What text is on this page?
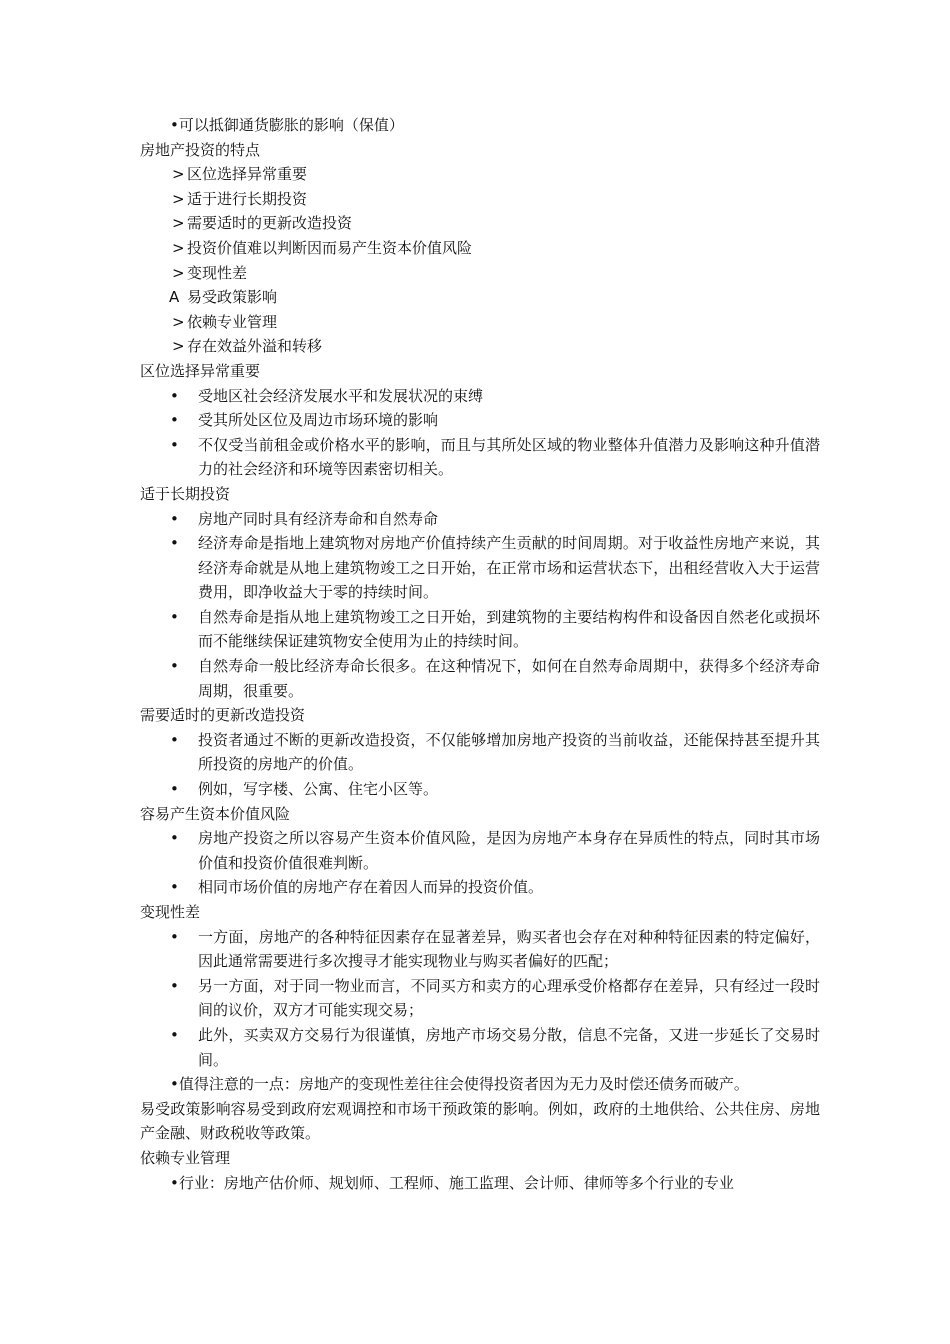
•可以抵御通货膨胀的影响（保值）
房地产投资的特点
> 区位选择异常重要
> 适于进行长期投资
> 需要适时的更新改造投资
> 投资价值难以判断因而易产生资本价值风险
> 变现性差
A 易受政策影响
> 依赖专业管理
> 存在效益外溢和转移
区位选择异常重要
•	受地区社会经济发展水平和发展状况的束缚
•	受其所处区位及周边市场环境的影响
•	不仅受当前租金或价格水平的影响，而且与其所处区域的物业整体升值潜力及影响这种升值潜力的社会经济和环境等因素密切相关。
适于长期投资
•	房地产同时具有经济寿命和自然寿命
•	经济寿命是指地上建筑物对房地产价值持续产生贡献的时间周期。对于收益性房地产来说，其经济寿命就是从地上建筑物竣工之日开始，在正常市场和运营状态下，出租经营收入大于运营费用，即净收益大于零的持续时间。
•	自然寿命是指从地上建筑物竣工之日开始，到建筑物的主要结构构件和设备因自然老化或损坏而不能继续保证建筑物安全使用为止的持续时间。
•	自然寿命一般比经济寿命长很多。在这种情况下，如何在自然寿命周期中，获得多个经济寿命周期，很重要。
需要适时的更新改造投资
•	投资者通过不断的更新改造投资，不仅能够增加房地产投资的当前收益，还能保持甚至提升其所投资的房地产的价值。
•	例如，写字楼、公寓、住宅小区等。
容易产生资本价值风险
•	房地产投资之所以容易产生资本价值风险，是因为房地产本身存在异质性的特点，同时其市场价值和投资价值很难判断。
•	相同市场价值的房地产存在着因人而异的投资价值。
变现性差
•	一方面，房地产的各种特征因素存在显著差异，购买者也会存在对种种特征因素的特定偏好，因此通常需要进行多次搜寻才能实现物业与购买者偏好的匹配；
•	另一方面，对于同一物业而言，不同买方和卖方的心理承受价格都存在差异，只有经过一段时间的议价，双方才可能实现交易；
•	此外，买卖双方交易行为很谨慎，房地产市场交易分散，信息不完备，又进一步延长了交易时间。
•值得注意的一点：房地产的变现性差往往会使得投资者因为无力及时偿还债务而破产。
易受政策影响容易受到政府宏观调控和市场干预政策的影响。例如，政府的土地供给、公共住房、房地产金融、财政税收等政策。
依赖专业管理
•行业：房地产估价师、规划师、工程师、施工监理、会计师、律师等多个行业的专业
